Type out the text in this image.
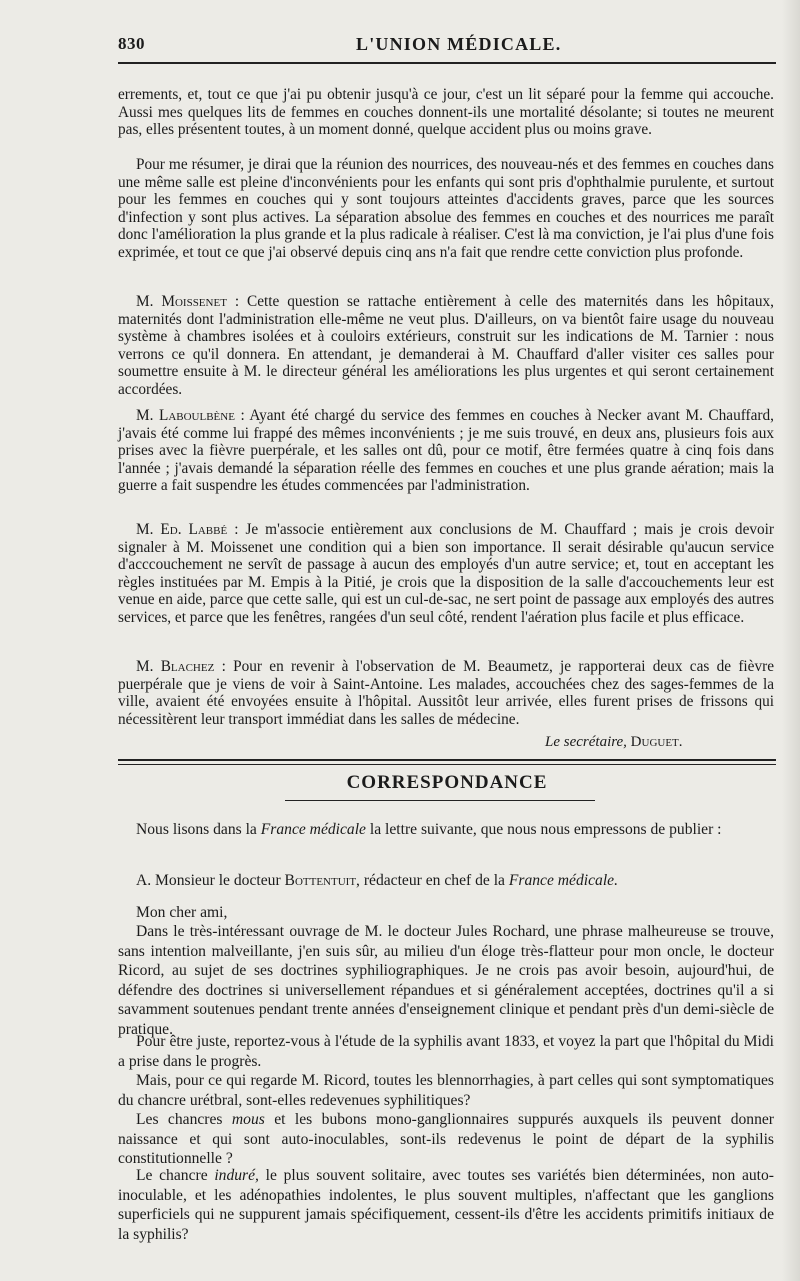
830	L'UNION MÉDICALE.
errements, et, tout ce que j'ai pu obtenir jusqu'à ce jour, c'est un lit séparé pour la femme qui accouche. Aussi mes quelques lits de femmes en couches donnent-ils une mortalité désolante; si toutes ne meurent pas, elles présentent toutes, à un moment donné, quelque accident plus ou moins grave.
Pour me résumer, je dirai que la réunion des nourrices, des nouveau-nés et des femmes en couches dans une même salle est pleine d'inconvénients pour les enfants qui sont pris d'ophthalmie purulente, et surtout pour les femmes en couches qui y sont toujours atteintes d'accidents graves, parce que les sources d'infection y sont plus actives. La séparation absolue des femmes en couches et des nourrices me paraît donc l'amélioration la plus grande et la plus radicale à réaliser. C'est là ma conviction, je l'ai plus d'une fois exprimée, et tout ce que j'ai observé depuis cinq ans n'a fait que rendre cette conviction plus profonde.
M. Moissenet : Cette question se rattache entièrement à celle des maternités dans les hôpitaux, maternités dont l'administration elle-même ne veut plus. D'ailleurs, on va bientôt faire usage du nouveau système à chambres isolées et à couloirs extérieurs, construit sur les indications de M. Tarnier : nous verrons ce qu'il donnera. En attendant, je demanderai à M. Chauffard d'aller visiter ces salles pour soumettre ensuite à M. le directeur général les améliorations les plus urgentes et qui seront certainement accordées.
M. Laboulbène : Ayant été chargé du service des femmes en couches à Necker avant M. Chauffard, j'avais été comme lui frappé des mêmes inconvénients ; je me suis trouvé, en deux ans, plusieurs fois aux prises avec la fièvre puerpérale, et les salles ont dû, pour ce motif, être fermées quatre à cinq fois dans l'année ; j'avais demandé la séparation réelle des femmes en couches et une plus grande aération; mais la guerre a fait suspendre les études commencées par l'administration.
M. Ed. Labbé : Je m'associe entièrement aux conclusions de M. Chauffard ; mais je crois devoir signaler à M. Moissenet une condition qui a bien son importance. Il serait désirable qu'aucun service d'acccouchement ne servît de passage à aucun des employés d'un autre service; et, tout en acceptant les règles instituées par M. Empis à la Pitié, je crois que la disposition de la salle d'accouchements leur est venue en aide, parce que cette salle, qui est un cul-de-sac, ne sert point de passage aux employés des autres services, et parce que les fenêtres, rangées d'un seul côté, rendent l'aération plus facile et plus efficace.
M. Blachez : Pour en revenir à l'observation de M. Beaumetz, je rapporterai deux cas de fièvre puerpérale que je viens de voir à Saint-Antoine. Les malades, accouchées chez des sages-femmes de la ville, avaient été envoyées ensuite à l'hôpital. Aussitôt leur arrivée, elles furent prises de frissons qui nécessitèrent leur transport immédiat dans les salles de médecine.
Le secrétaire, Duguet.
CORRESPONDANCE
Nous lisons dans la France médicale la lettre suivante, que nous nous empressons de publier :
A. Monsieur le docteur Bottentuit, rédacteur en chef de la France médicale.
Mon cher ami,
Dans le très-intéressant ouvrage de M. le docteur Jules Rochard, une phrase malheureuse se trouve, sans intention malveillante, j'en suis sûr, au milieu d'un éloge très-flatteur pour mon oncle, le docteur Ricord, au sujet de ses doctrines syphiliographiques. Je ne crois pas avoir besoin, aujourd'hui, de défendre des doctrines si universellement répandues et si généralement acceptées, doctrines qu'il a si savamment soutenues pendant trente années d'enseignement clinique et pendant près d'un demi-siècle de pratique.
Pour être juste, reportez-vous à l'étude de la syphilis avant 1833, et voyez la part que l'hôpital du Midi a prise dans le progrès.
Mais, pour ce qui regarde M. Ricord, toutes les blennorrhagies, à part celles qui sont symptomatiques du chancre urétbral, sont-elles redevenues syphilitiques?
Les chancres mous et les bubons mono-ganglionnaires suppurés auxquels ils peuvent donner naissance et qui sont auto-inoculables, sont-ils redevenus le point de départ de la syphilis constitutionnelle ?
Le chancre induré, le plus souvent solitaire, avec toutes ses variétés bien déterminées, non auto-inoculable, et les adénopathies indolentes, le plus souvent multiples, n'affectant que les ganglions superficiels qui ne suppurent jamais spécifiquement, cessent-ils d'être les accidents primitifs initiaux de la syphilis?
